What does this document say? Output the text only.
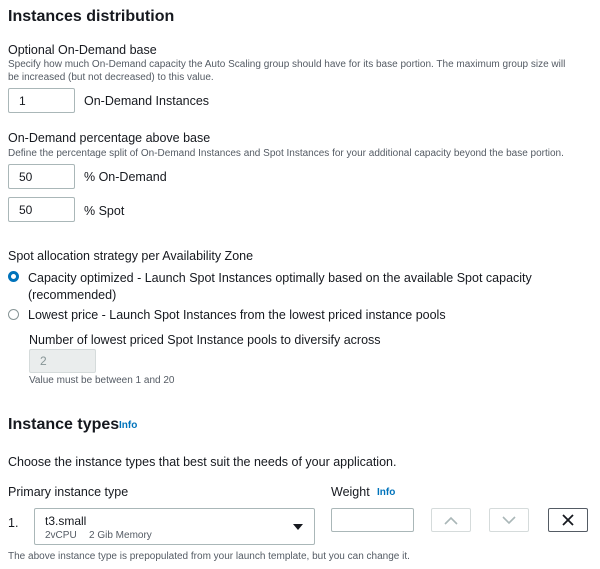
Instances distribution
Optional On-Demand base
Specify how much On-Demand capacity the Auto Scaling group should have for its base portion. The maximum group size will
be increased (but not decreased) to this value.
1	On-Demand Instances
On-Demand percentage above base
Define the percentage split of On-Demand Instances and Spot Instances for your additional capacity beyond the base portion.
50	% On-Demand
50	% Spot
Spot allocation strategy per Availability Zone
Capacity optimized - Launch Spot Instances optimally based on the available Spot capacity
(recommended)
Lowest price - Launch Spot Instances from the lowest priced instance pools
Number of lowest priced Spot Instance pools to diversify across
2
Value must be between 1 and 20
Instance types Info
Choose the instance types that best suit the needs of your application.
Primary instance type	Weight Info
1. t3.small
2vCPU 2 Gib Memory
The above instance type is prepopulated from your launch template, but you can change it.
